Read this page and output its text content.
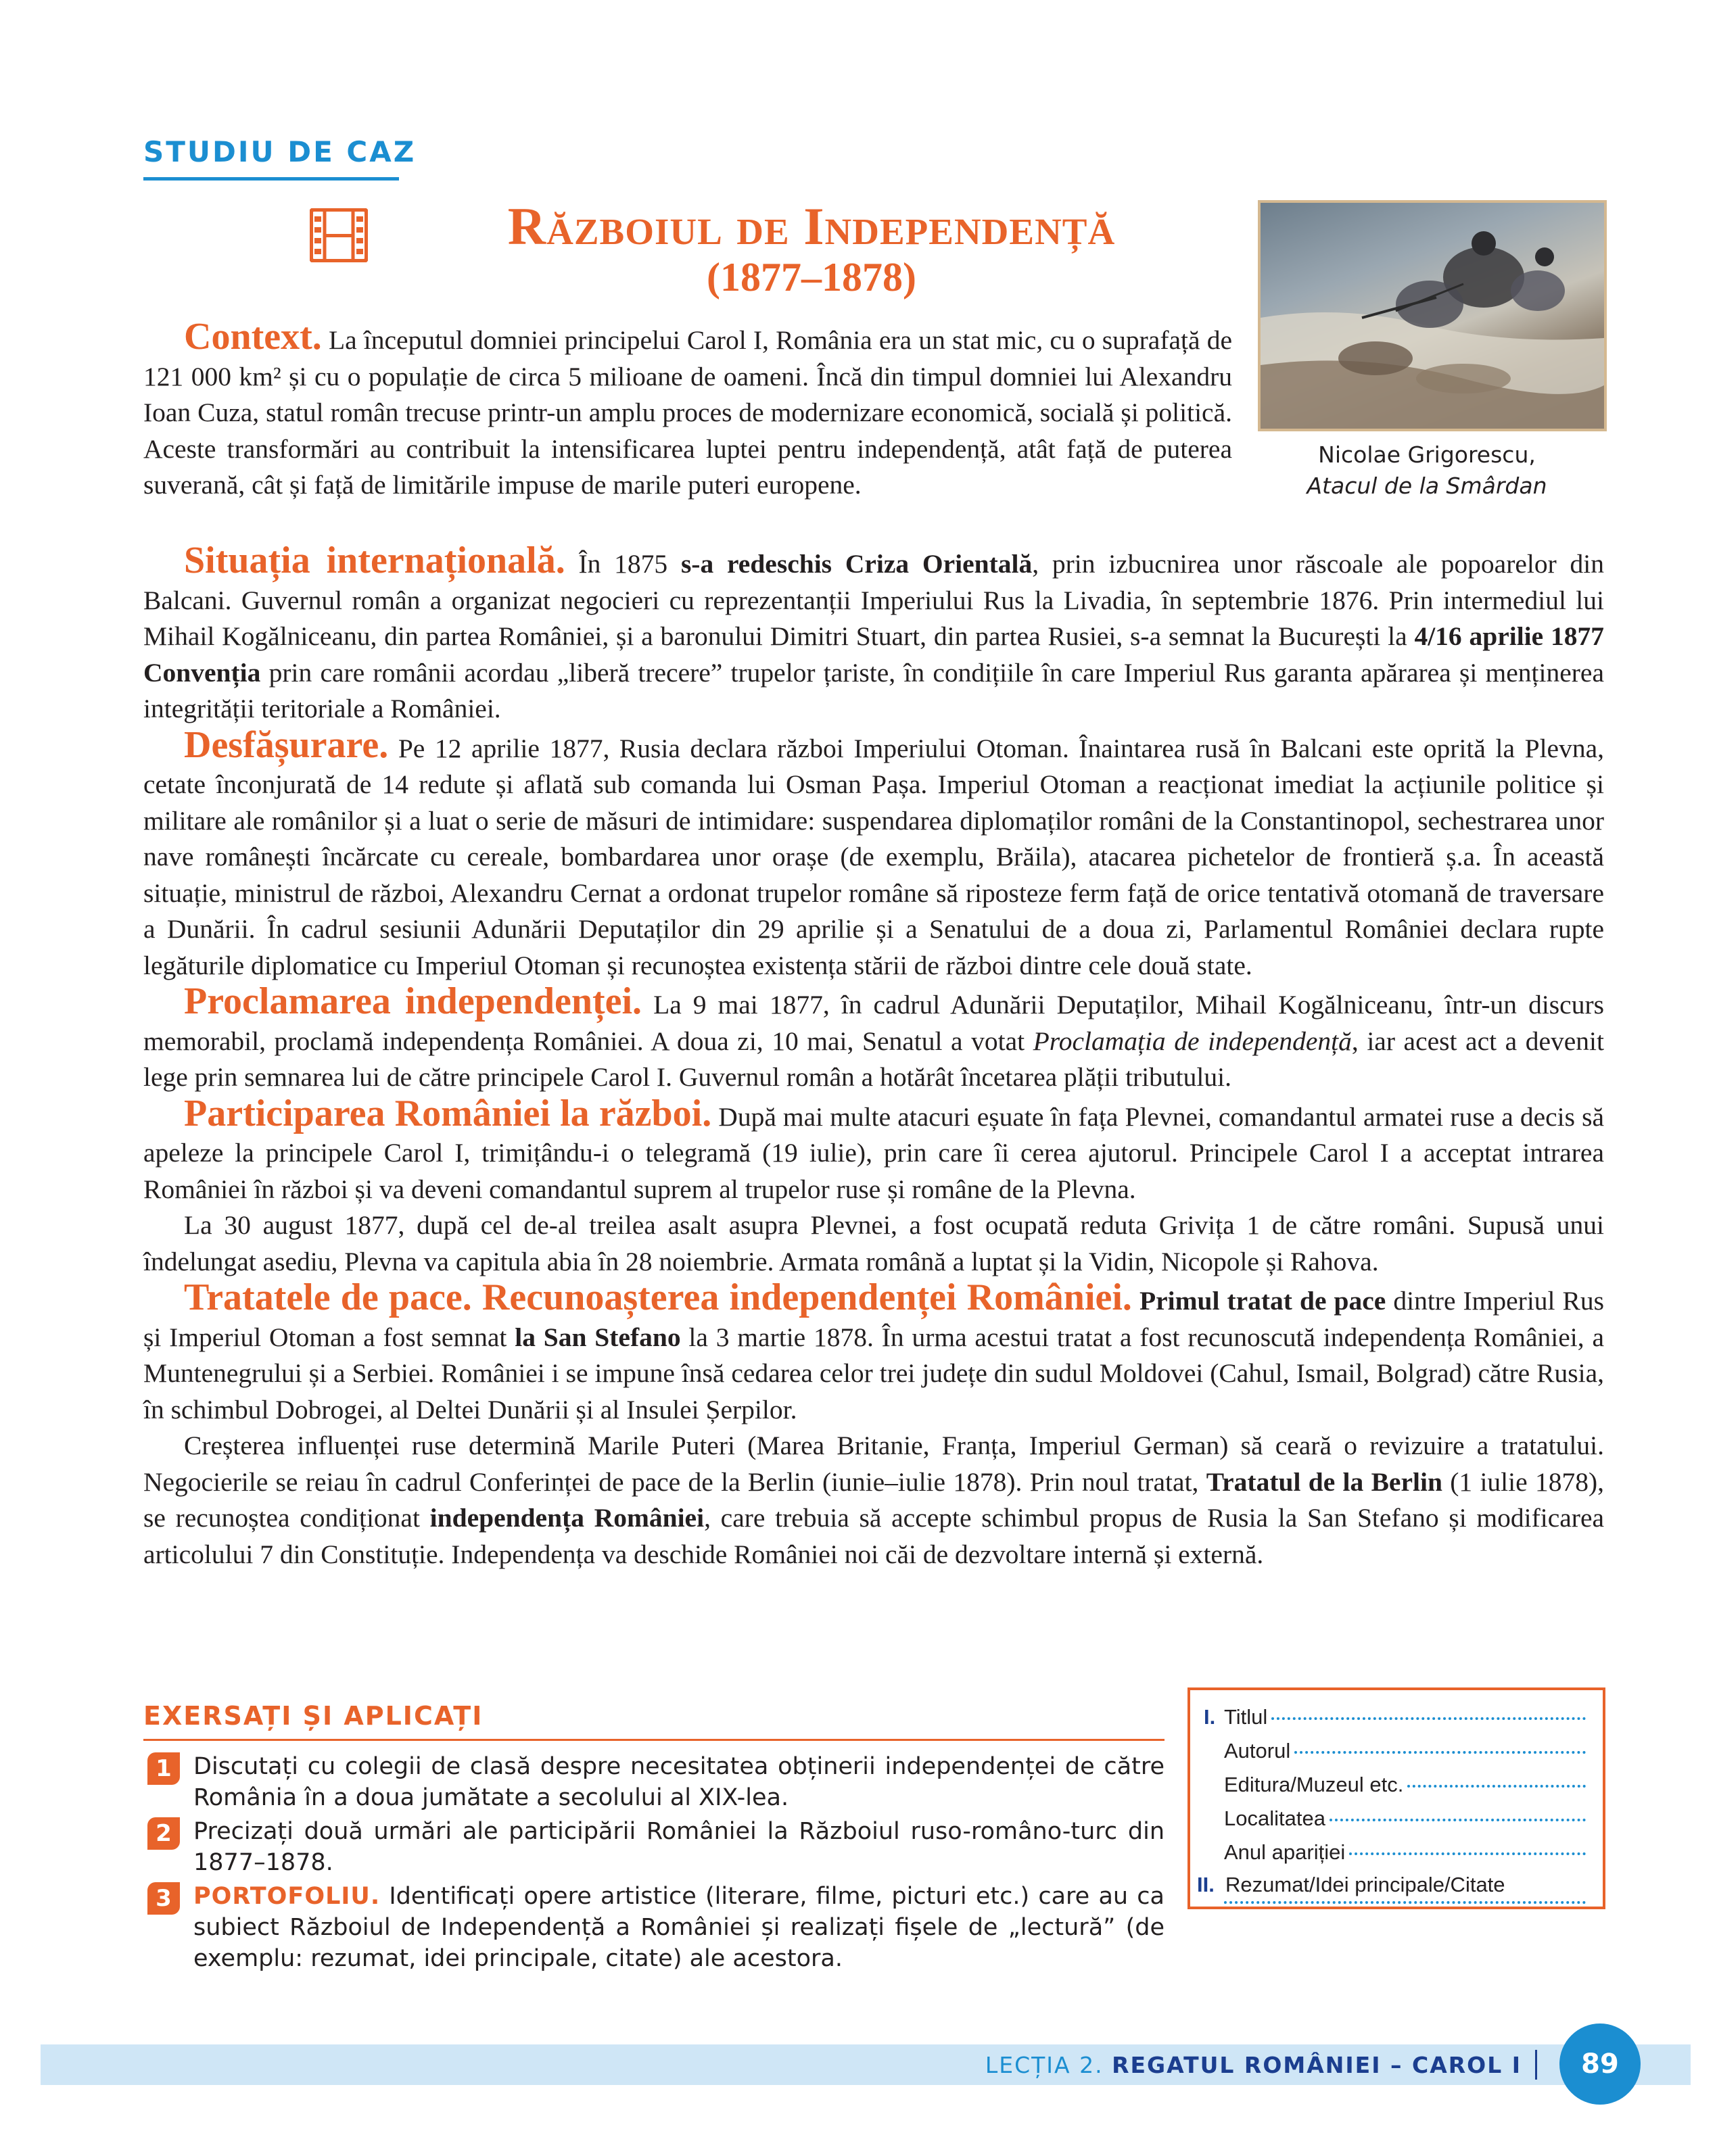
STUDIU DE CAZ
Războiul de Independență
(1877–1878)
Nicolae Grigorescu,
Atacul de la Smârdan

Context. La începutul domniei principelui Carol I, România era un stat mic, cu o suprafață de 121 000 km² și cu o populație de circa 5 milioane de oameni. Încă din timpul domniei lui Alexandru Ioan Cuza, statul român trecuse printr-un amplu proces de modernizare economică, socială și politică. Aceste transformări au contribuit la intensificarea luptei pentru independență, atât față de puterea suverană, cât și față de limitările impuse de marile puteri europene.

Situația internațională. În 1875 s-a redeschis Criza Orientală, prin izbucnirea unor răscoale ale popoarelor din Balcani. Guvernul român a organizat negocieri cu reprezentanții Imperiului Rus la Livadia, în septembrie 1876. Prin intermediul lui Mihail Kogălniceanu, din partea României, și a baronului Dimitri Stuart, din partea Rusiei, s-a semnat la București la 4/16 aprilie 1877 Convenția prin care românii acordau „liberă trecere” trupelor țariste, în condițiile în care Imperiul Rus garanta apărarea și menținerea integrității teritoriale a României.

Desfășurare. Pe 12 aprilie 1877, Rusia declara război Imperiului Otoman. Înaintarea rusă în Balcani este oprită la Plevna, cetate înconjurată de 14 redute și aflată sub comanda lui Osman Pașa. Imperiul Otoman a reacționat imediat la acțiunile politice și militare ale românilor și a luat o serie de măsuri de intimidare: suspendarea diplomaților români de la Constantinopol, sechestrarea unor nave românești încărcate cu cereale, bombardarea unor orașe (de exemplu, Brăila), atacarea pichetelor de frontieră ș.a. În această situație, ministrul de război, Alexandru Cernat a ordonat trupelor române să riposteze ferm față de orice tentativă otomană de traversare a Dunării. În cadrul sesiunii Adunării Deputaților din 29 aprilie și a Senatului de a doua zi, Parlamentul României declara rupte legăturile diplomatice cu Imperiul Otoman și recunoștea existența stării de război dintre cele două state.

Proclamarea independenței. La 9 mai 1877, în cadrul Adunării Deputaților, Mihail Kogălniceanu, într-un discurs memorabil, proclamă independența României. A doua zi, 10 mai, Senatul a votat Proclamația de independență, iar acest act a devenit lege prin semnarea lui de către principele Carol I. Guvernul român a hotărât încetarea plății tributului.

Participarea României la război. După mai multe atacuri eșuate în fața Plevnei, comandantul armatei ruse a decis să apeleze la principele Carol I, trimițându-i o telegramă (19 iulie), prin care îi cerea ajutorul. Principele Carol I a acceptat intrarea României în război și va deveni comandantul suprem al trupelor ruse și române de la Plevna.

La 30 august 1877, după cel de-al treilea asalt asupra Plevnei, a fost ocupată reduta Grivița 1 de către români. Supusă unui îndelungat asediu, Plevna va capitula abia în 28 noiembrie. Armata română a luptat și la Vidin, Nicopole și Rahova.

Tratatele de pace. Recunoașterea independenței României. Primul tratat de pace dintre Imperiul Rus și Imperiul Otoman a fost semnat la San Stefano la 3 martie 1878. În urma acestui tratat a fost recunoscută independența României, a Muntenegrului și a Serbiei. României i se impune însă cedarea celor trei județe din sudul Moldovei (Cahul, Ismail, Bolgrad) către Rusia, în schimbul Dobrogei, al Deltei Dunării și al Insulei Șerpilor.

Creșterea influenței ruse determină Marile Puteri (Marea Britanie, Franța, Imperiul German) să ceară o revizuire a tratatului. Negocierile se reiau în cadrul Conferinței de pace de la Berlin (iunie–iulie 1878). Prin noul tratat, Tratatul de la Berlin (1 iulie 1878), se recunoștea condiționat independența României, care trebuia să accepte schimbul propus de Rusia la San Stefano și modificarea articolului 7 din Constituție. Independența va deschide României noi căi de dezvoltare internă și externă.

EXERSAȚI ȘI APLICAȚI
1 Discutați cu colegii de clasă despre necesitatea obținerii independenței de către România în a doua jumătate a secolului al XIX-lea.
2 Precizați două urmări ale participării României la Războiul ruso-româno-turc din 1877–1878.
3 PORTOFOLIU. Identificați opere artistice (literare, filme, picturi etc.) care au ca subiect Războiul de Independență a României și realizați fișele de „lectură” (de exemplu: rezumat, idei principale, citate) ale acestora.
I. Titlul
Autorul
Editura/Muzeul etc.
Localitatea
Anul apariției
II. Rezumat/Idei principale/Citate
LECȚIA 2. REGATUL ROMÂNIEI – CAROL I	89
